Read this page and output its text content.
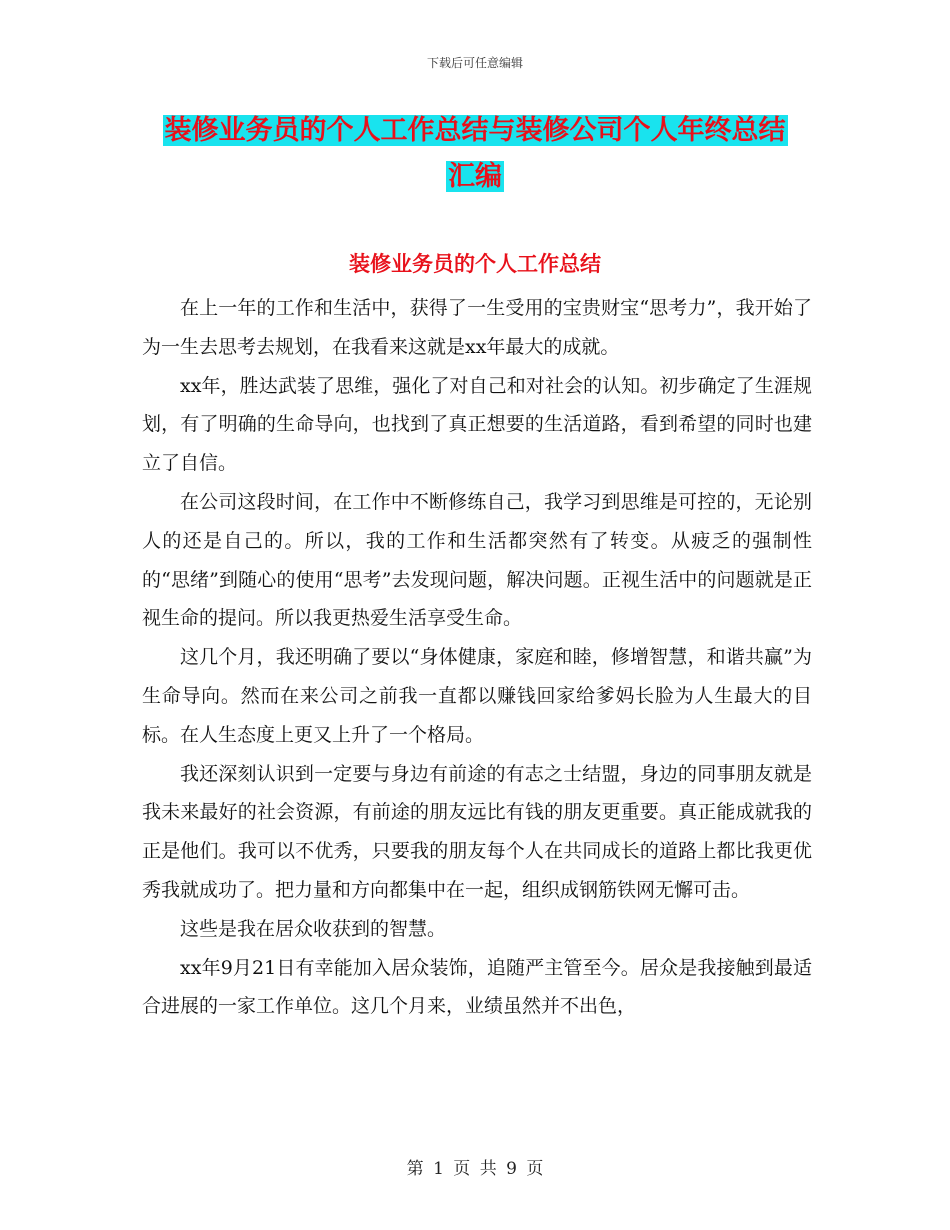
下载后可任意编辑
装修业务员的个人工作总结与装修公司个人年终总结
汇编
装修业务员的个人工作总结

在上一年的工作和生活中，获得了一生受用的宝贵财宝“思考力”，我开始了为一生去思考去规划，在我看来这就是xx年最大的成就。

xx年，胜达武装了思维，强化了对自己和对社会的认知。初步确定了生涯规划，有了明确的生命导向，也找到了真正想要的生活道路，看到希望的同时也建立了自信。

在公司这段时间，在工作中不断修练自己，我学习到思维是可控的，无论别人的还是自己的。所以，我的工作和生活都突然有了转变。从疲乏的强制性的“思绪”到随心的使用“思考”去发现问题，解决问题。正视生活中的问题就是正视生命的提问。所以我更热爱生活享受生命。

这几个月，我还明确了要以“身体健康，家庭和睦，修增智慧，和谐共赢”为生命导向。然而在来公司之前我一直都以赚钱回家给爹妈长脸为人生最大的目标。在人生态度上更又上升了一个格局。

我还深刻认识到一定要与身边有前途的有志之士结盟，身边的同事朋友就是我未来最好的社会资源，有前途的朋友远比有钱的朋友更重要。真正能成就我的正是他们。我可以不优秀，只要我的朋友每个人在共同成长的道路上都比我更优秀我就成功了。把力量和方向都集中在一起，组织成钢筋铁网无懈可击。

这些是我在居众收获到的智慧。

xx年9月21日有幸能加入居众装饰，追随严主管至今。居众是我接触到最适合进展的一家工作单位。这几个月来，业绩虽然并不出色，

第 1 页 共 9 页
